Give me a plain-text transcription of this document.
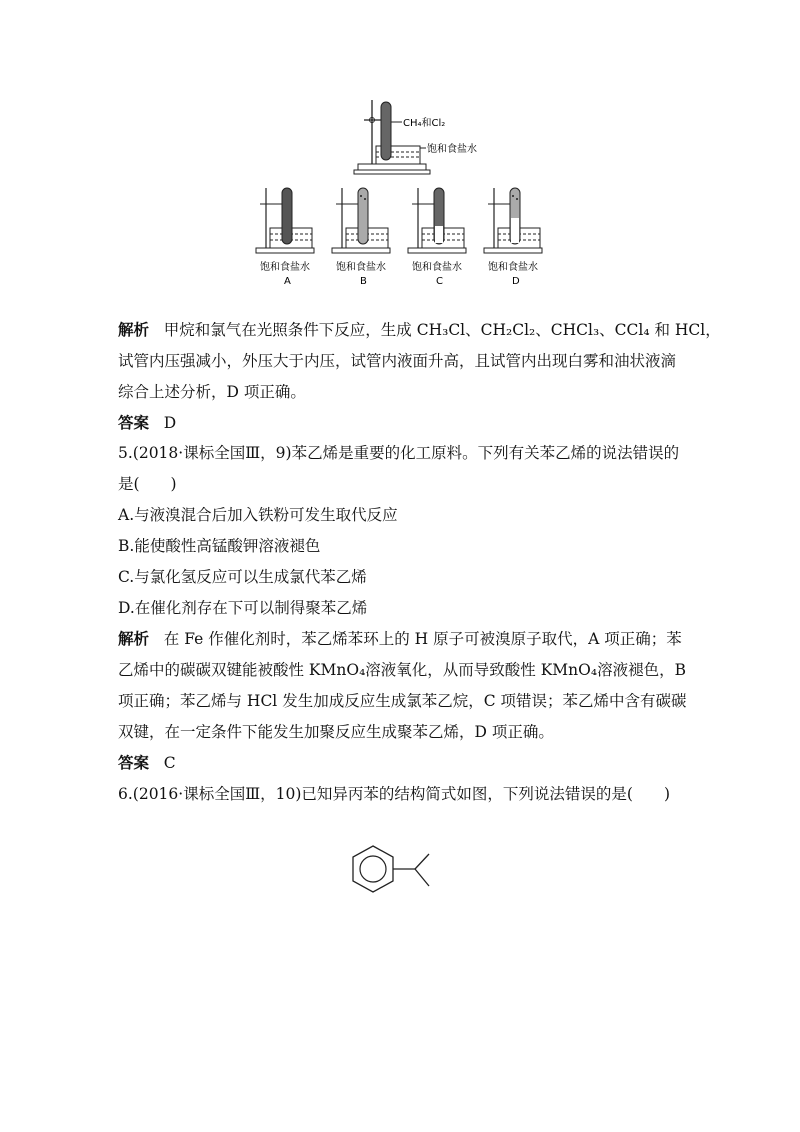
CH₄和Cl₂
饱和食盐水
饱和食盐水
A
饱和食盐水
B
饱和食盐水
C
饱和食盐水
D
解析 甲烷和氯气在光照条件下反应，生成 CH₃Cl、CH₂Cl₂、CHCl₃、CCl₄ 和 HCl，
试管内压强减小，外压大于内压，试管内液面升高，且试管内出现白雾和油状液滴
综合上述分析，D 项正确。
答案 D
5.(2018·课标全国Ⅲ，9)苯乙烯是重要的化工原料。下列有关苯乙烯的说法错误的
是(　　)
A.与液溴混合后加入铁粉可发生取代反应
B.能使酸性高锰酸钾溶液褪色
C.与氯化氢反应可以生成氯代苯乙烯
D.在催化剂存在下可以制得聚苯乙烯
解析 在 Fe 作催化剂时，苯乙烯苯环上的 H 原子可被溴原子取代，A 项正确；苯
乙烯中的碳碳双键能被酸性 KMnO₄溶液氧化，从而导致酸性 KMnO₄溶液褪色，B
项正确；苯乙烯与 HCl 发生加成反应生成氯苯乙烷，C 项错误；苯乙烯中含有碳碳
双键，在一定条件下能发生加聚反应生成聚苯乙烯，D 项正确。
答案 C
6.(2016·课标全国Ⅲ，10)已知异丙苯的结构简式如图，下列说法错误的是(　　)
